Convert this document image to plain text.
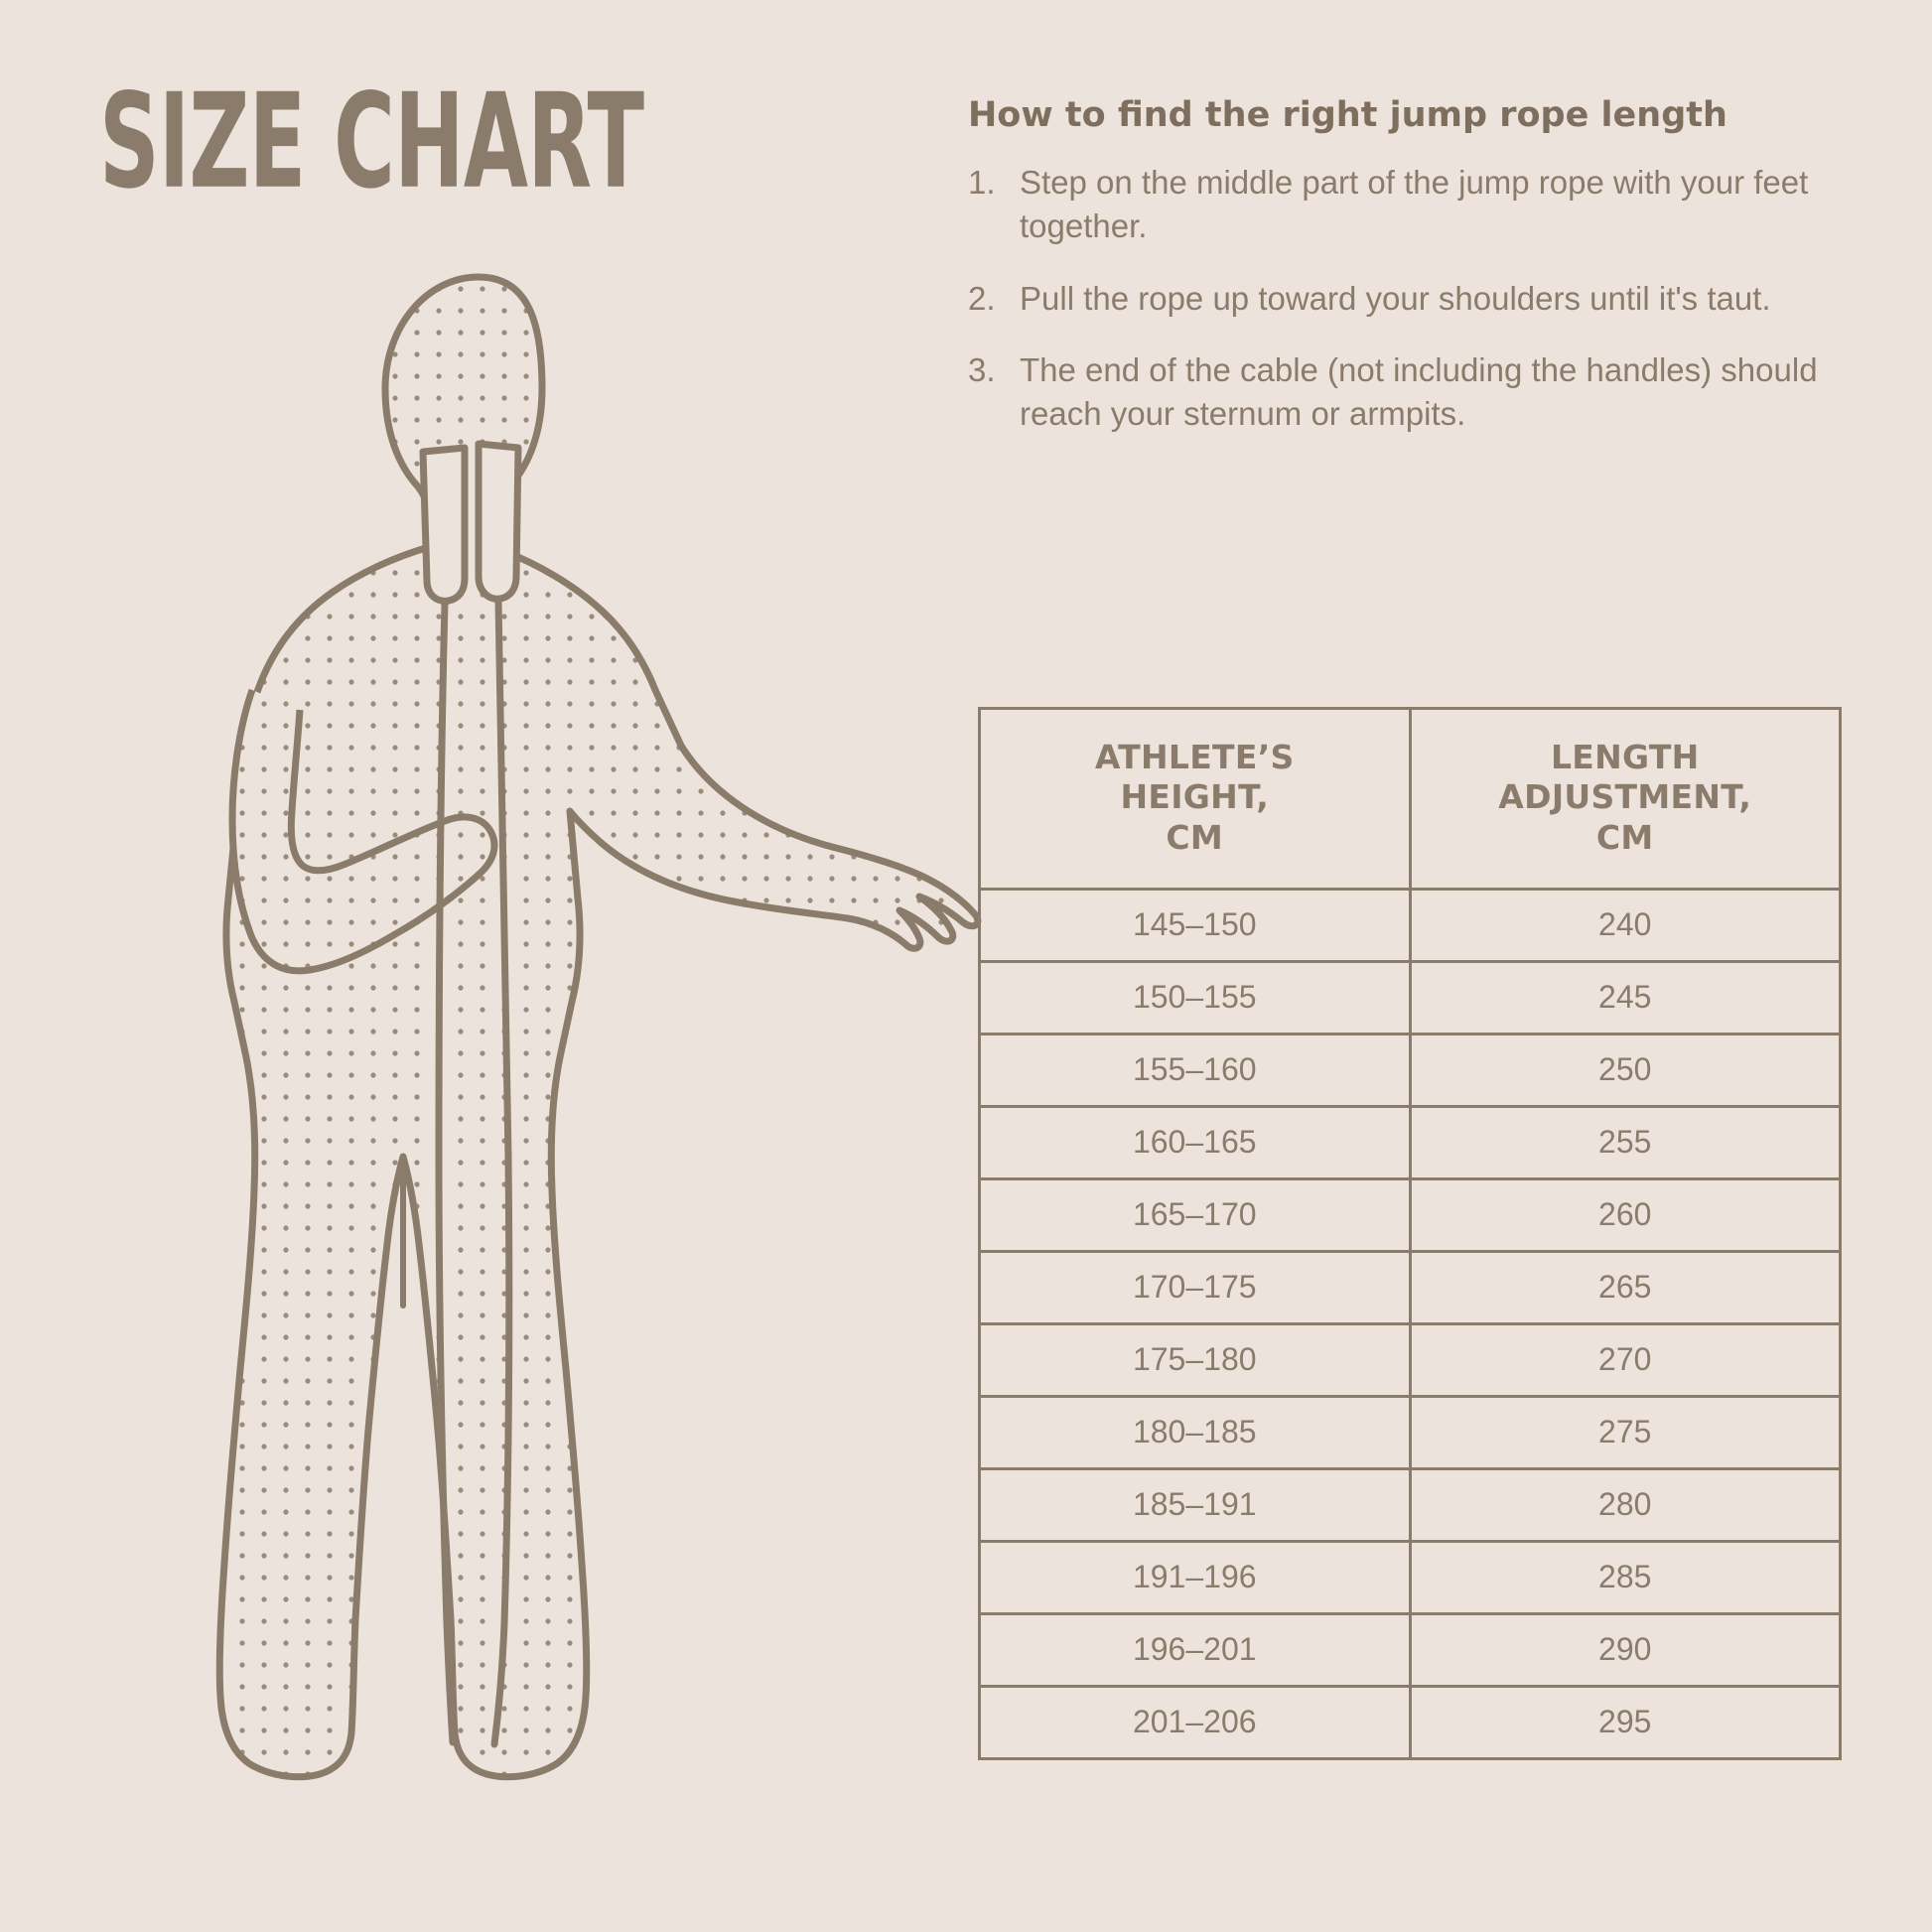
SIZE CHART	How to find the right jump rope length
Step on the middle part of the jump rope with your feet together.
Pull the rope up toward your shoulders until it's taut.
The end of the cable (not including the handles) should reach your sternum or armpits.
ATHLETE’S
HEIGHT,
CM	LENGTH
ADJUSTMENT,
CM
145–150	240
150–155	245
155–160	250
160–165	255
165–170	260
170–175	265
175–180	270
180–185	275
185–191	280
191–196	285
196–201	290
201–206	295
